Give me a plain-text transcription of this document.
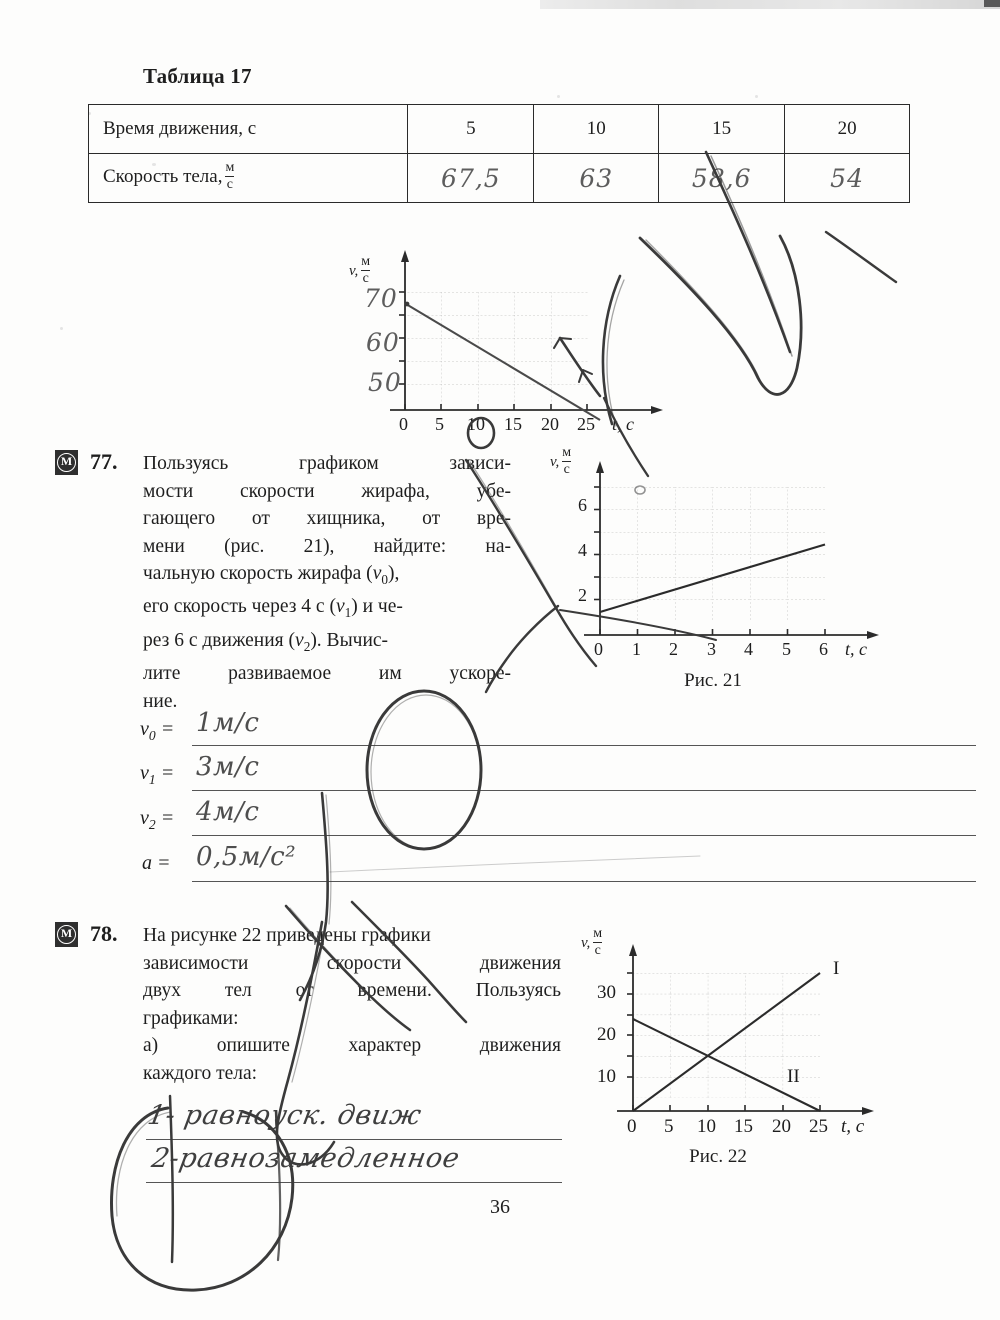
Таблица 17
Время движения, с	5	10	15	20
Скорость тела, $\frac{м}{с}$	67,5	63	58,6	54
v, $\frac{м}{с}$
70
60
50
0 5 10 15 20 25 t, с
М 77. Пользуясь графиком зависи-
мости скорости жирафа, убе-
гающего от хищника, от вре-
мени (рис. 21), найдите: на-
чальную скорость жирафа $(v_0)$,
его скорость через 4 с $(v_1)$ и че-
рез 6 с движения $(v_2)$. Вычис-
лите развиваемое им ускоре-
ние.
v, $\frac{м}{с}$
2
4
6
0 1 2 3 4 5 6 t, с
Рис. 21
$v_0 = 1м/с$
$v_1 = 3м/с$
$v_2 = 4м/с$
a = 0,5м/с²
М 78. На рисунке 22 приведены графики
зависимости скорости движения
двух тел от времени. Пользуясь
графиками:
а) опишите характер движения
каждого тела:
v, $\frac{м}{с}$
10
20
30
0 5 10 15 20 25 t, с
I
II
Рис. 22
1- равноуск. движ
2-равнозамедленное
36
